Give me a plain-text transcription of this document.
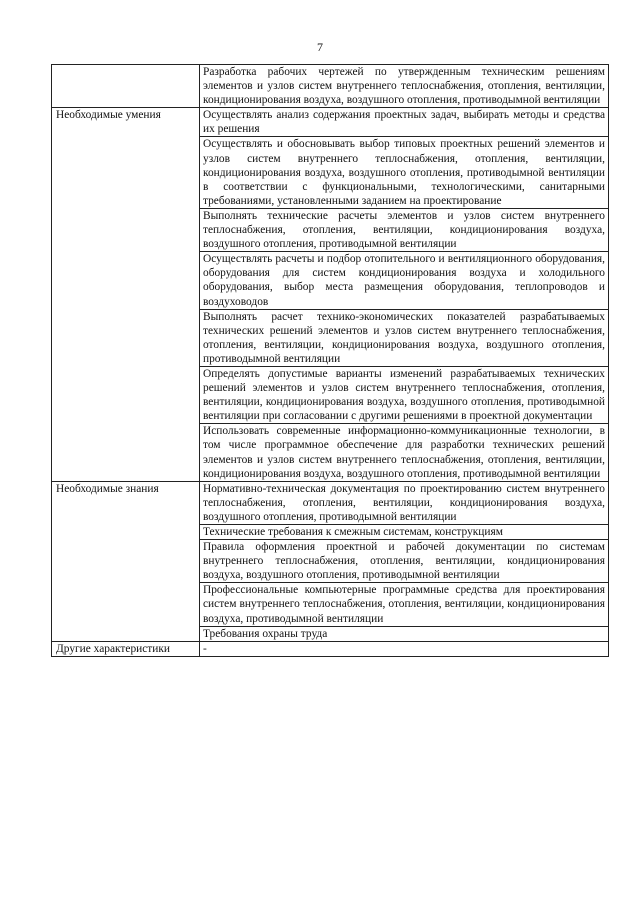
7

	Разработка рабочих чертежей по утвержденным техническим решениям элементов и узлов систем внутреннего теплоснабжения, отопления, вентиляции, кондиционирования воздуха, воздушного отопления, противодымной вентиляции

Необходимые умения	Осуществлять анализ содержания проектных задач, выбирать методы и средства их решения

	Осуществлять и обосновывать выбор типовых проектных решений элементов и узлов систем внутреннего теплоснабжения, отопления, вентиляции, кондиционирования воздуха, воздушного отопления, противодымной вентиляции в соответствии с функциональными, технологическими, санитарными требованиями, установленными заданием на проектирование

	Выполнять технические расчеты элементов и узлов систем внутреннего теплоснабжения, отопления, вентиляции, кондиционирования воздуха, воздушного отопления, противодымной вентиляции

	Осуществлять расчеты и подбор отопительного и вентиляционного оборудования, оборудования для систем кондиционирования воздуха и холодильного оборудования, выбор места размещения оборудования, теплопроводов и воздуховодов

	Выполнять расчет технико-экономических показателей разрабатываемых технических решений элементов и узлов систем внутреннего теплоснабжения, отопления, вентиляции, кондиционирования воздуха, воздушного отопления, противодымной вентиляции

	Определять допустимые варианты изменений разрабатываемых технических решений элементов и узлов систем внутреннего теплоснабжения, отопления, вентиляции, кондиционирования воздуха, воздушного отопления, противодымной вентиляции при согласовании с другими решениями в проектной документации

	Использовать современные информационно-коммуникационные технологии, в том числе программное обеспечение для разработки технических решений элементов и узлов систем внутреннего теплоснабжения, отопления, вентиляции, кондиционирования воздуха, воздушного отопления, противодымной вентиляции

Необходимые знания	Нормативно-техническая документация по проектированию систем внутреннего теплоснабжения, отопления, вентиляции, кондиционирования воздуха, воздушного отопления, противодымной вентиляции

	Технические требования к смежным системам, конструкциям

	Правила оформления проектной и рабочей документации по системам внутреннего теплоснабжения, отопления, вентиляции, кондиционирования воздуха, воздушного отопления, противодымной вентиляции

	Профессиональные компьютерные программные средства для проектирования систем внутреннего теплоснабжения, отопления, вентиляции, кондиционирования воздуха, противодымной вентиляции

	Требования охраны труда

Другие характеристики	-
